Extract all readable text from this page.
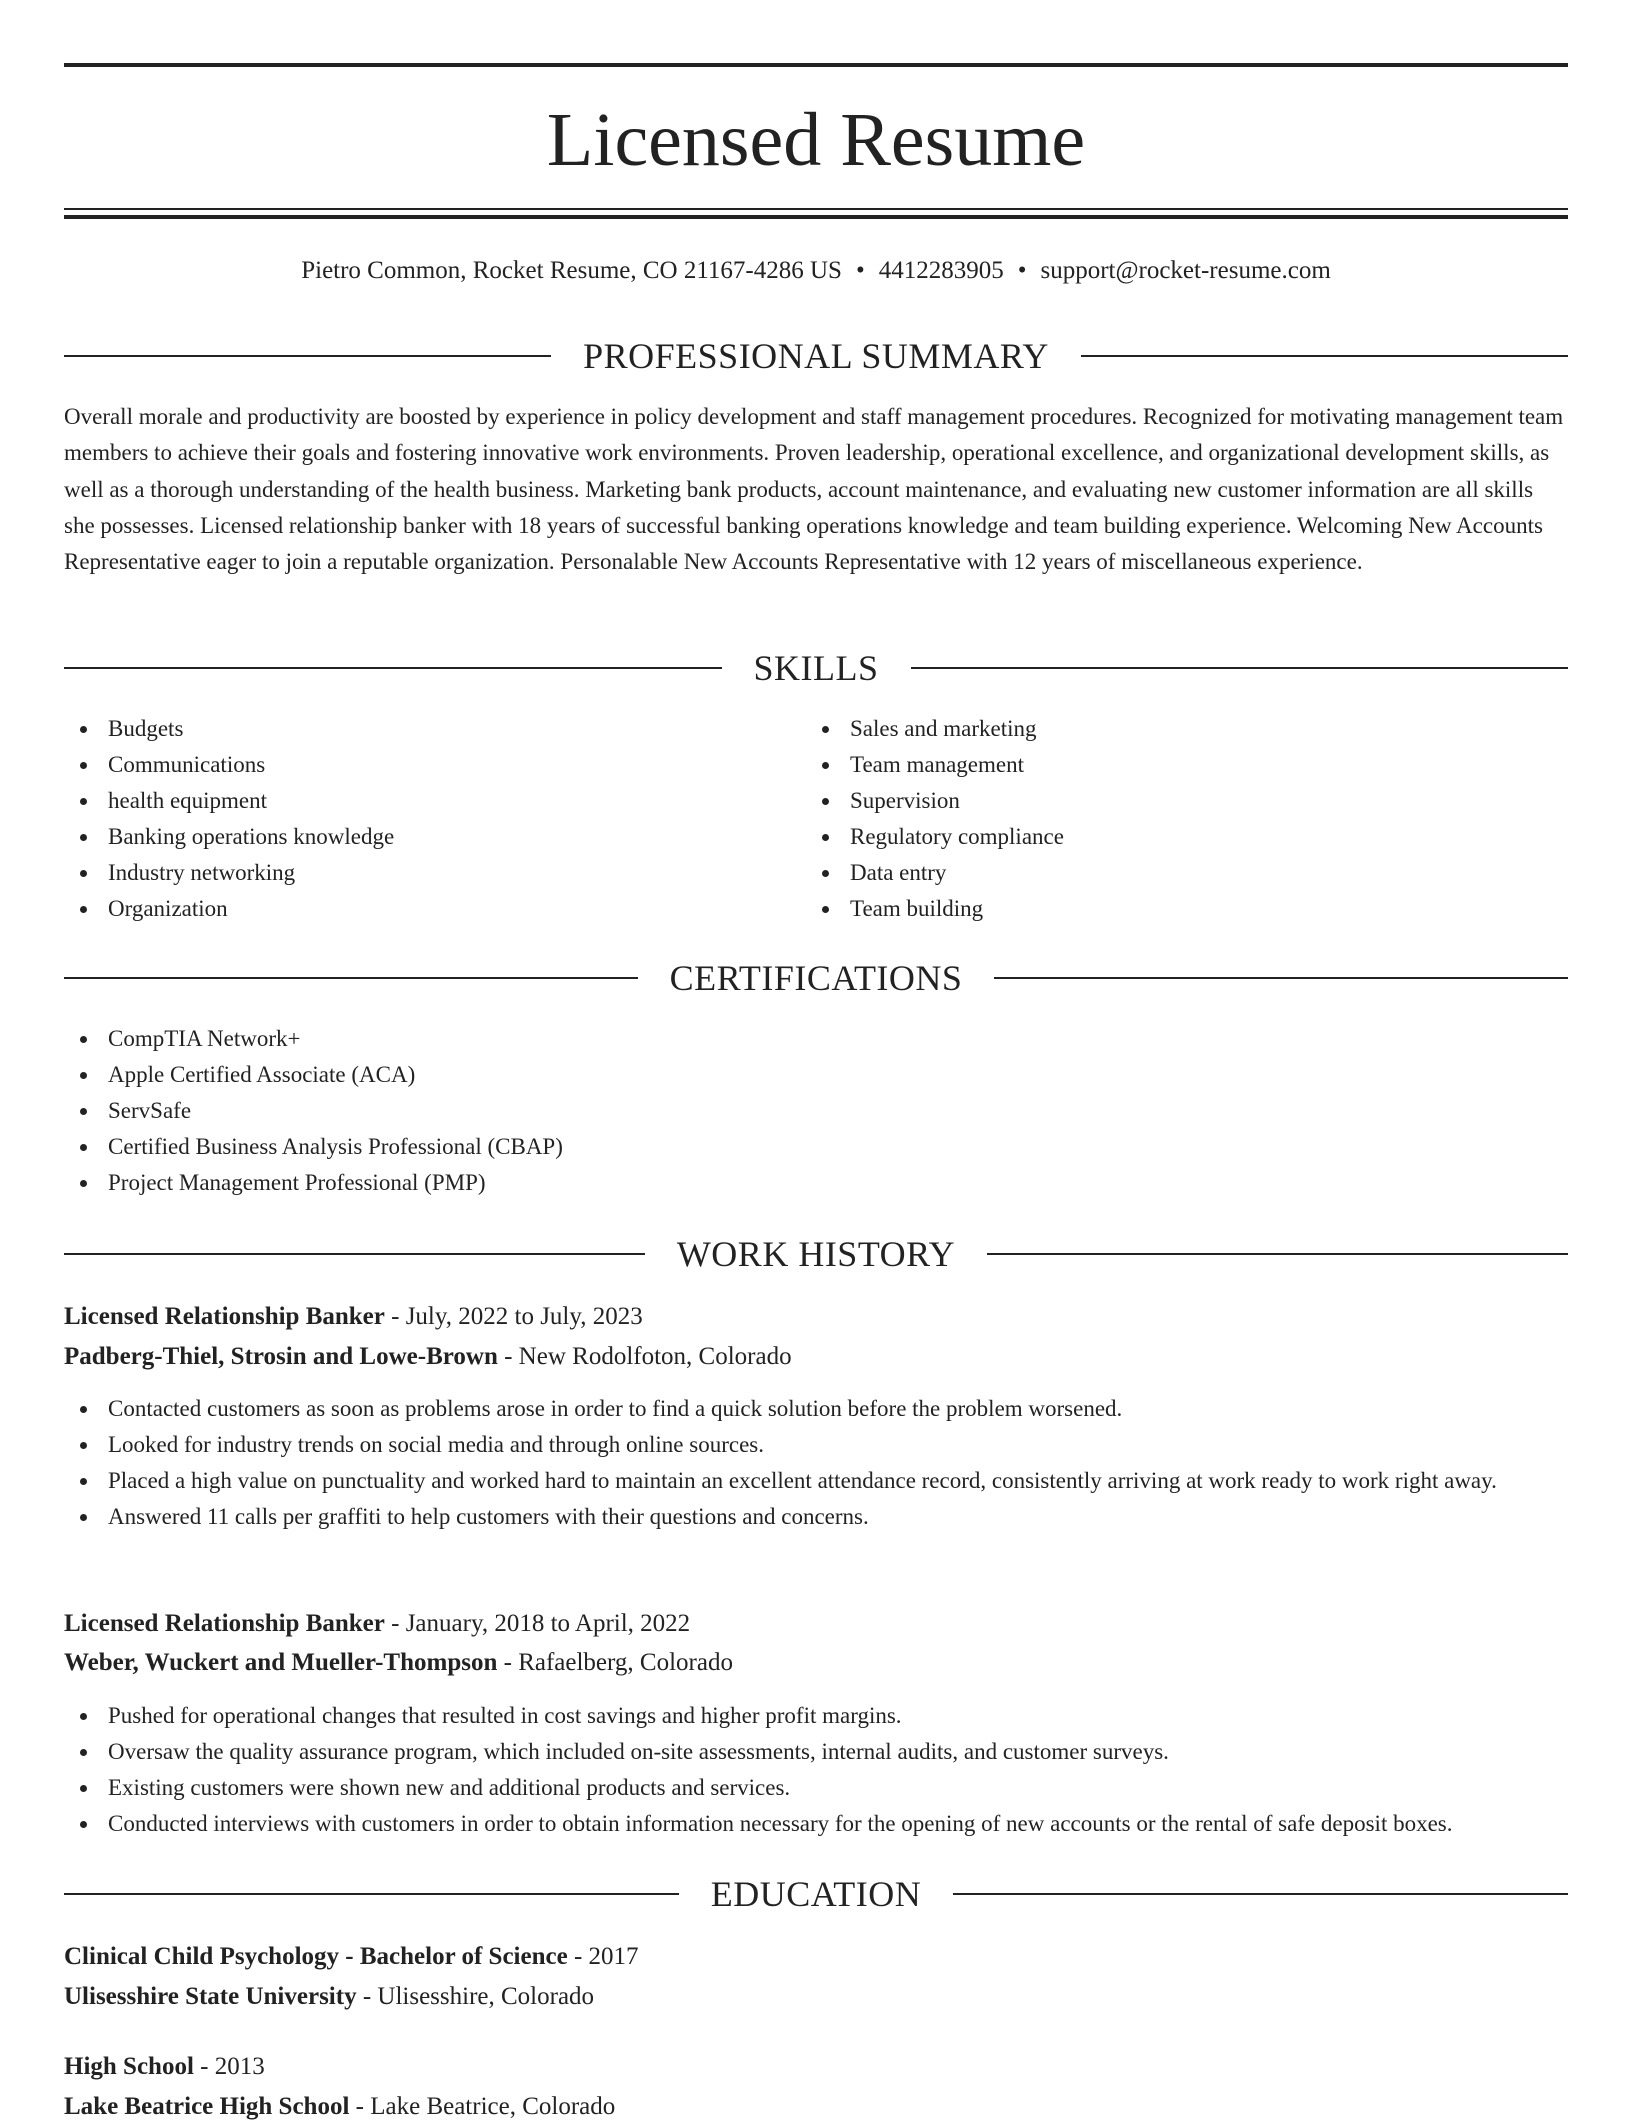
Licensed Resume
Pietro Common, Rocket Resume, CO 21167-4286 US • 4412283905 • support@rocket-resume.com
PROFESSIONAL SUMMARY

Overall morale and productivity are boosted by experience in policy development and staff management procedures. Recognized for motivating management team members to achieve their goals and fostering innovative work environments. Proven leadership, operational excellence, and organizational development skills, as well as a thorough understanding of the health business. Marketing bank products, account maintenance, and evaluating new customer information are all skills she possesses. Licensed relationship banker with 18 years of successful banking operations knowledge and team building experience. Welcoming New Accounts Representative eager to join a reputable organization. Personalable New Accounts Representative with 12 years of miscellaneous experience.

SKILLS
Budgets
Communications
health equipment
Banking operations knowledge
Industry networking
Organization
Sales and marketing
Team management
Supervision
Regulatory compliance
Data entry
Team building
CERTIFICATIONS
CompTIA Network+
Apple Certified Associate (ACA)
ServSafe
Certified Business Analysis Professional (CBAP)
Project Management Professional (PMP)
WORK HISTORY
Licensed Relationship Banker - July, 2022 to July, 2023
Padberg-Thiel, Strosin and Lowe-Brown - New Rodolfoton, Colorado
Contacted customers as soon as problems arose in order to find a quick solution before the problem worsened.
Looked for industry trends on social media and through online sources.
Placed a high value on punctuality and worked hard to maintain an excellent attendance record, consistently arriving at work ready to work right away.
Answered 11 calls per graffiti to help customers with their questions and concerns.
Licensed Relationship Banker - January, 2018 to April, 2022
Weber, Wuckert and Mueller-Thompson - Rafaelberg, Colorado
Pushed for operational changes that resulted in cost savings and higher profit margins.
Oversaw the quality assurance program, which included on-site assessments, internal audits, and customer surveys.
Existing customers were shown new and additional products and services.
Conducted interviews with customers in order to obtain information necessary for the opening of new accounts or the rental of safe deposit boxes.
EDUCATION
Clinical Child Psychology - Bachelor of Science - 2017
Ulisesshire State University - Ulisesshire, Colorado
High School - 2013
Lake Beatrice High School - Lake Beatrice, Colorado
